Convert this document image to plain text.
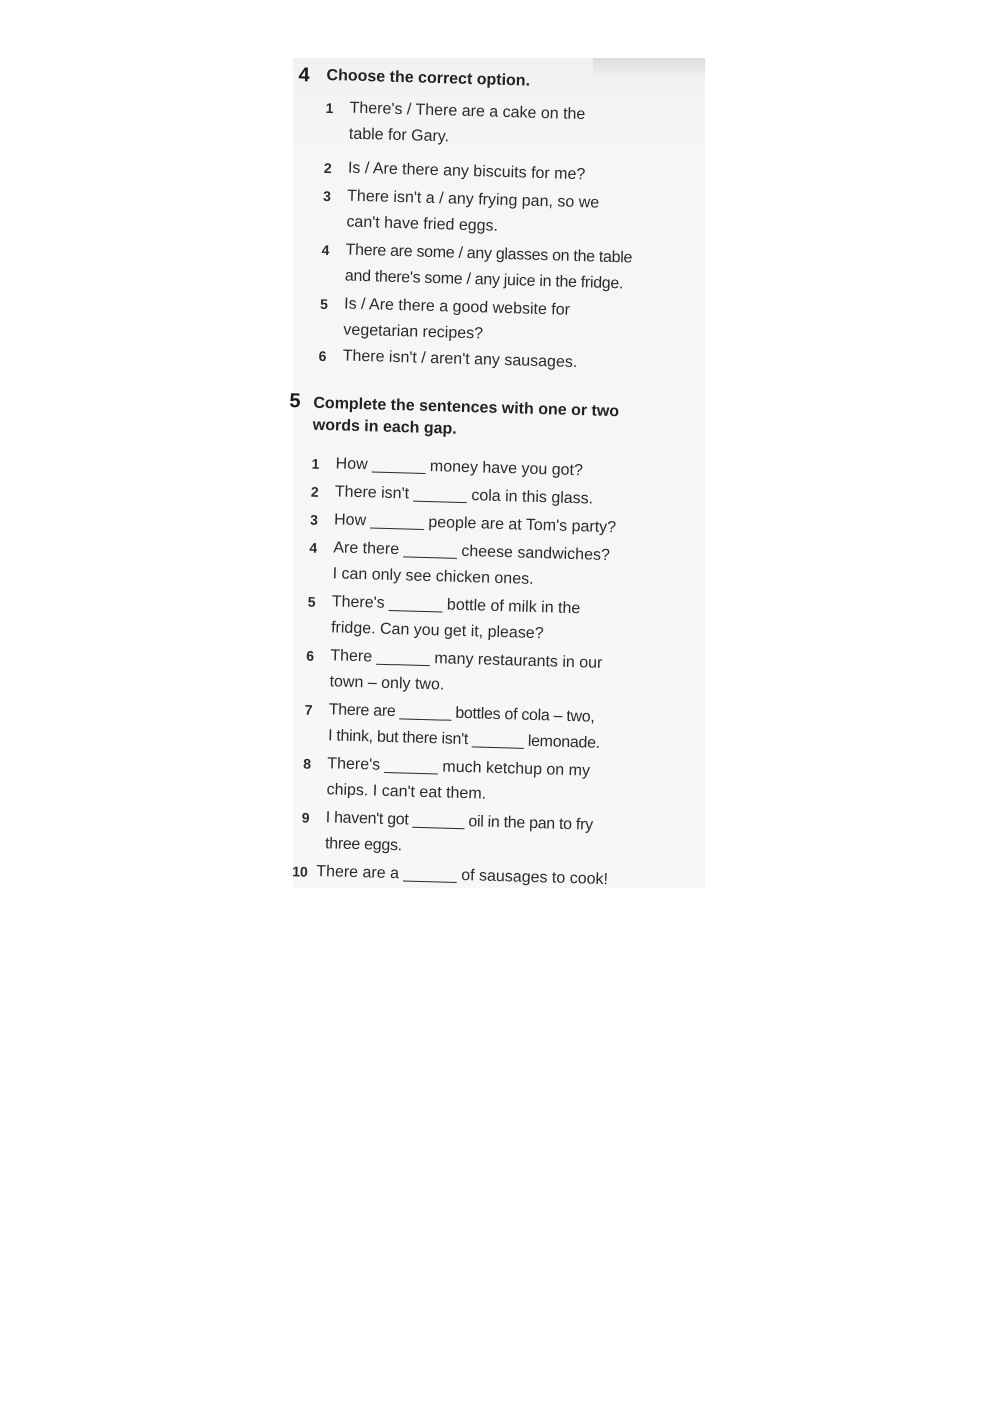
4 Choose the correct option.
1 There's / There are a cake on the
table for Gary.
2 Is / Are there any biscuits for me?
3 There isn't a / any frying pan, so we
can't have fried eggs.
4	There are some / any glasses on the table
and there's some / any juice in the fridge.
5 Is / Are there a good website for
vegetarian recipes?
6 There isn't / aren't any sausages.
5 Complete the sentences with one or two
words in each gap.
1 How ______ money have you got?
2 There isn't ______ cola in this glass.
3 How ______ people are at Tom's party?
4 Are there ______ cheese sandwiches?
I can only see chicken ones.
5 There's ______ bottle of milk in the
fridge. Can you get it, please?
6 There ______ many restaurants in our
town – only two.
7	There are ______ bottles of cola – two,
I think, but there isn't ______ lemonade.
8 There's ______ much ketchup on my
chips. I can't eat them.
9	I haven't got ______ oil in the pan to fry
three eggs.
10 There are a ______ of sausages to cook!
